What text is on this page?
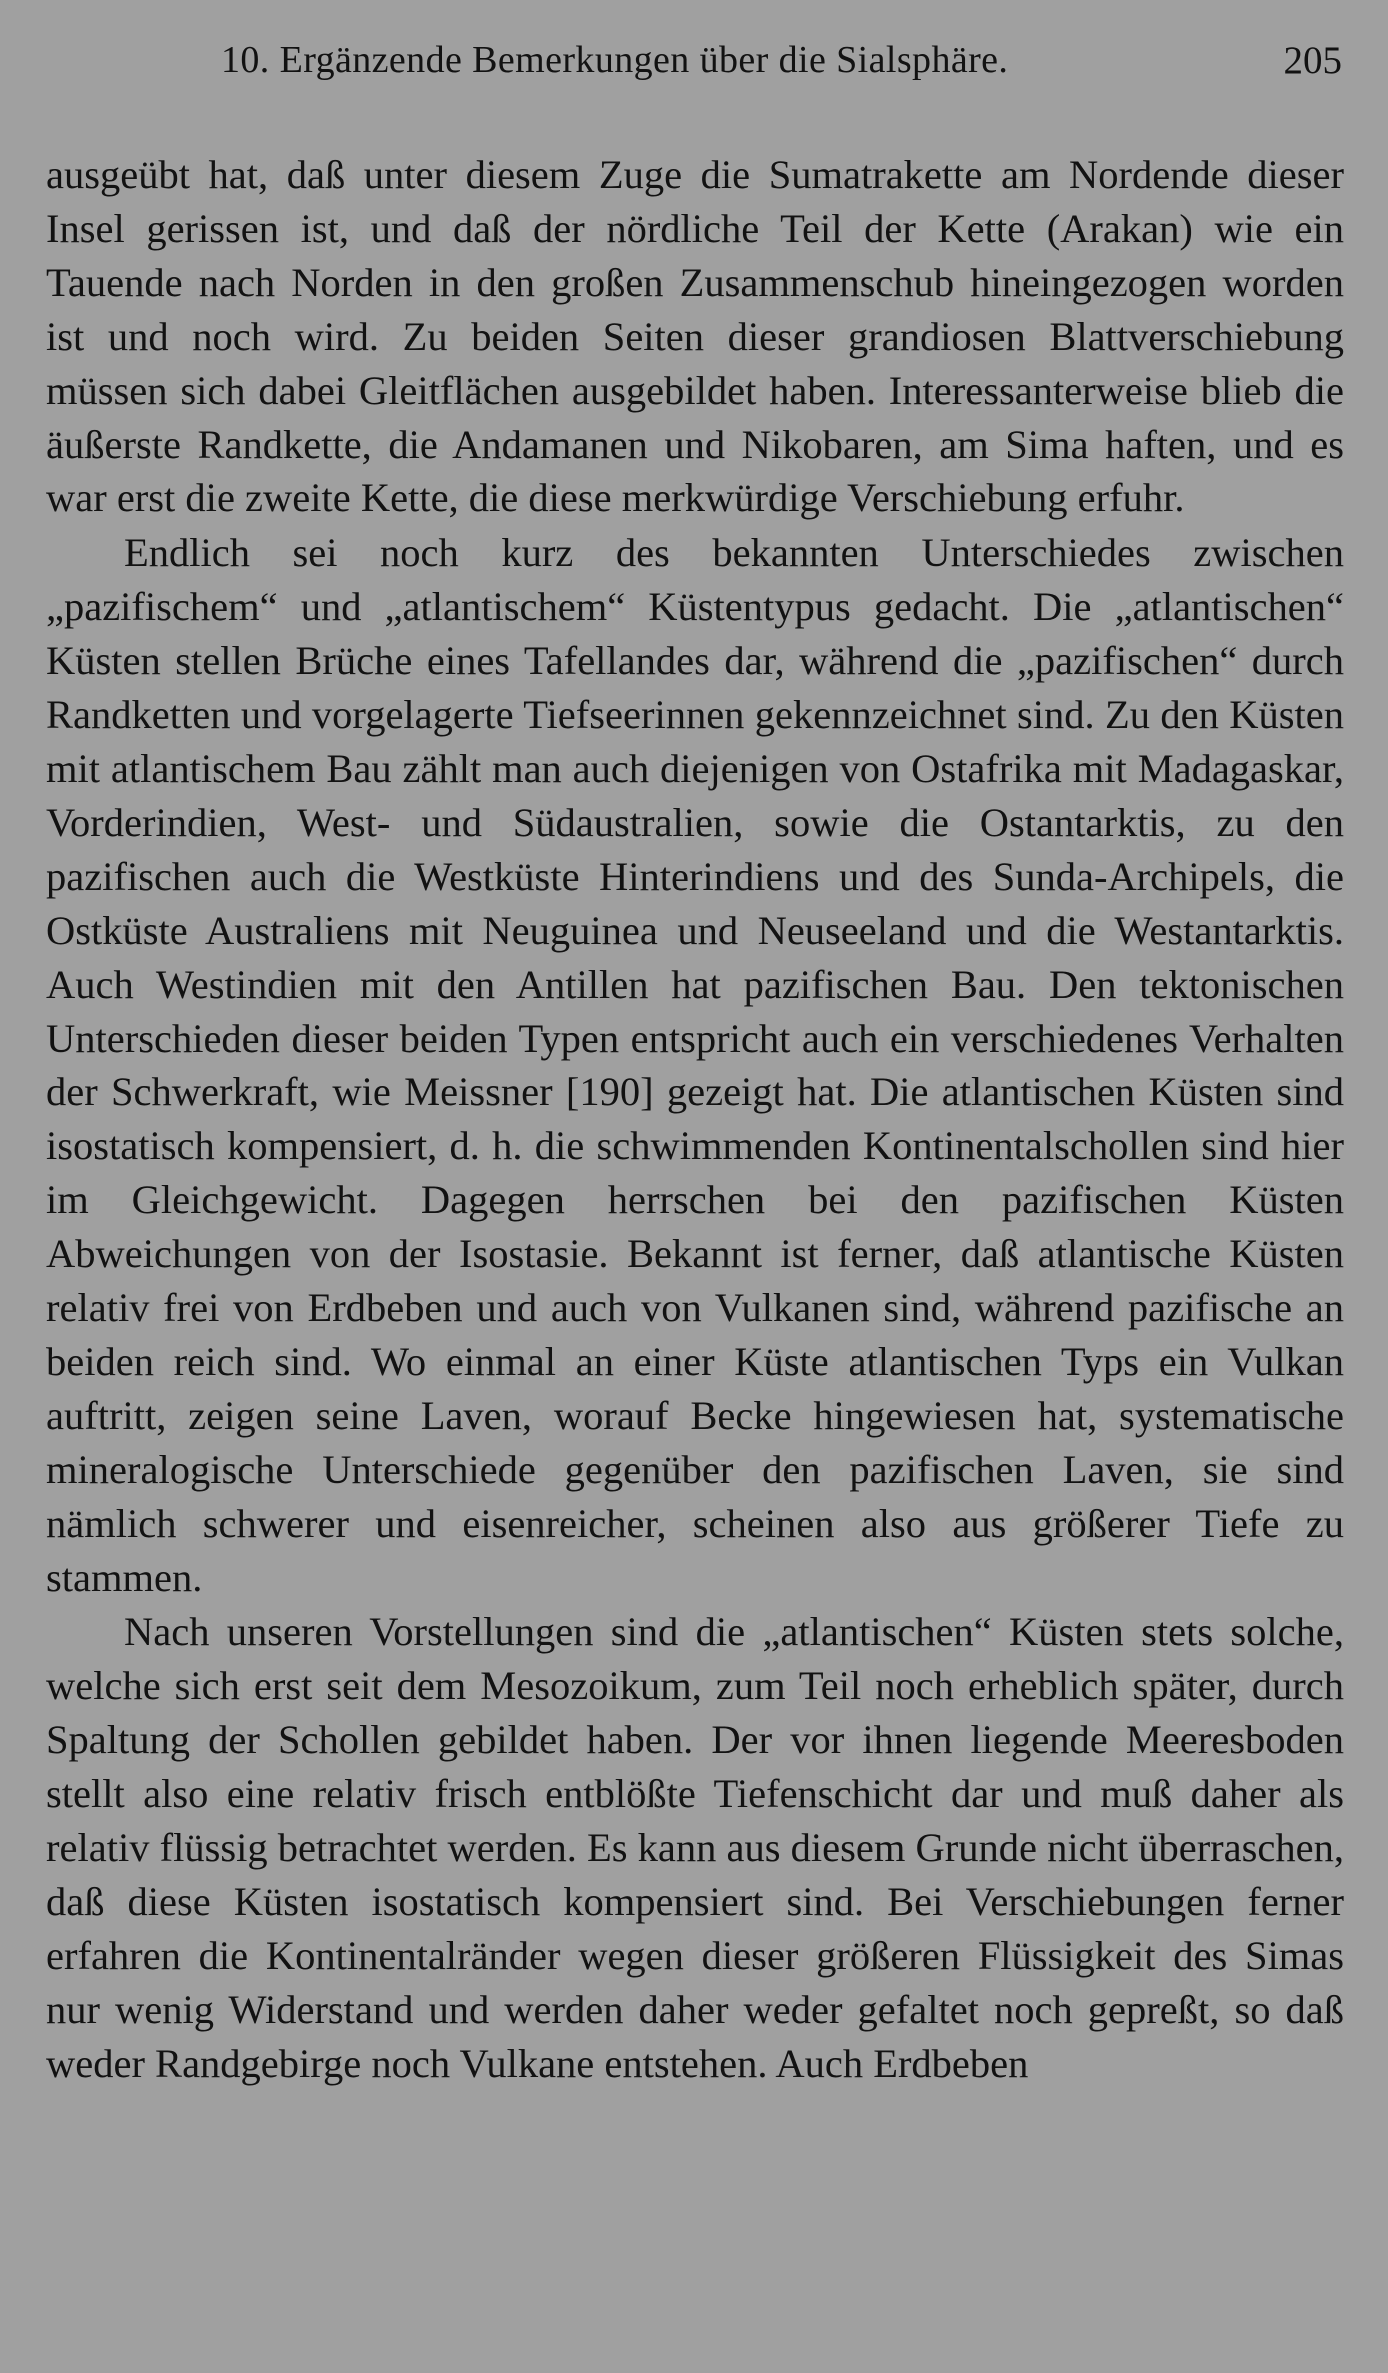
10. Ergänzende Bemerkungen über die Sialsphäre.	205

ausgeübt hat, daß unter diesem Zuge die Sumatrakette am Nordende dieser Insel gerissen ist, und daß der nördliche Teil der Kette (Arakan) wie ein Tauende nach Norden in den großen Zusammenschub hineingezogen worden ist und noch wird. Zu beiden Seiten dieser grandiosen Blattverschiebung müssen sich dabei Gleitflächen ausgebildet haben. Interessanterweise blieb die äußerste Randkette, die Andamanen und Nikobaren, am Sima haften, und es war erst die zweite Kette, die diese merkwürdige Verschiebung erfuhr.

Endlich sei noch kurz des bekannten Unterschiedes zwischen „pazifischem“ und „atlantischem“ Küstentypus gedacht. Die „atlantischen“ Küsten stellen Brüche eines Tafellandes dar, während die „pazifischen“ durch Randketten und vorgelagerte Tiefseerinnen gekennzeichnet sind. Zu den Küsten mit atlantischem Bau zählt man auch diejenigen von Ostafrika mit Madagaskar, Vorderindien, West- und Südaustralien, sowie die Ostantarktis, zu den pazifischen auch die Westküste Hinterindiens und des Sunda-Archipels, die Ostküste Australiens mit Neuguinea und Neuseeland und die Westantarktis. Auch Westindien mit den Antillen hat pazifischen Bau. Den tektonischen Unterschieden dieser beiden Typen entspricht auch ein verschiedenes Verhalten der Schwerkraft, wie Meissner [190] gezeigt hat. Die atlantischen Küsten sind isostatisch kompensiert, d. h. die schwimmenden Kontinentalschollen sind hier im Gleichgewicht. Dagegen herrschen bei den pazifischen Küsten Abweichungen von der Isostasie. Bekannt ist ferner, daß atlantische Küsten relativ frei von Erdbeben und auch von Vulkanen sind, während pazifische an beiden reich sind. Wo einmal an einer Küste atlantischen Typs ein Vulkan auftritt, zeigen seine Laven, worauf Becke hingewiesen hat, systematische mineralogische Unterschiede gegenüber den pazifischen Laven, sie sind nämlich schwerer und eisenreicher, scheinen also aus größerer Tiefe zu stammen.

Nach unseren Vorstellungen sind die „atlantischen“ Küsten stets solche, welche sich erst seit dem Mesozoikum, zum Teil noch erheblich später, durch Spaltung der Schollen gebildet haben. Der vor ihnen liegende Meeresboden stellt also eine relativ frisch entblößte Tiefenschicht dar und muß daher als relativ flüssig betrachtet werden. Es kann aus diesem Grunde nicht überraschen, daß diese Küsten isostatisch kompensiert sind. Bei Verschiebungen ferner erfahren die Kontinentalränder wegen dieser größeren Flüssigkeit des Simas nur wenig Widerstand und werden daher weder gefaltet noch gepreßt, so daß weder Randgebirge noch Vulkane entstehen. Auch Erdbeben
